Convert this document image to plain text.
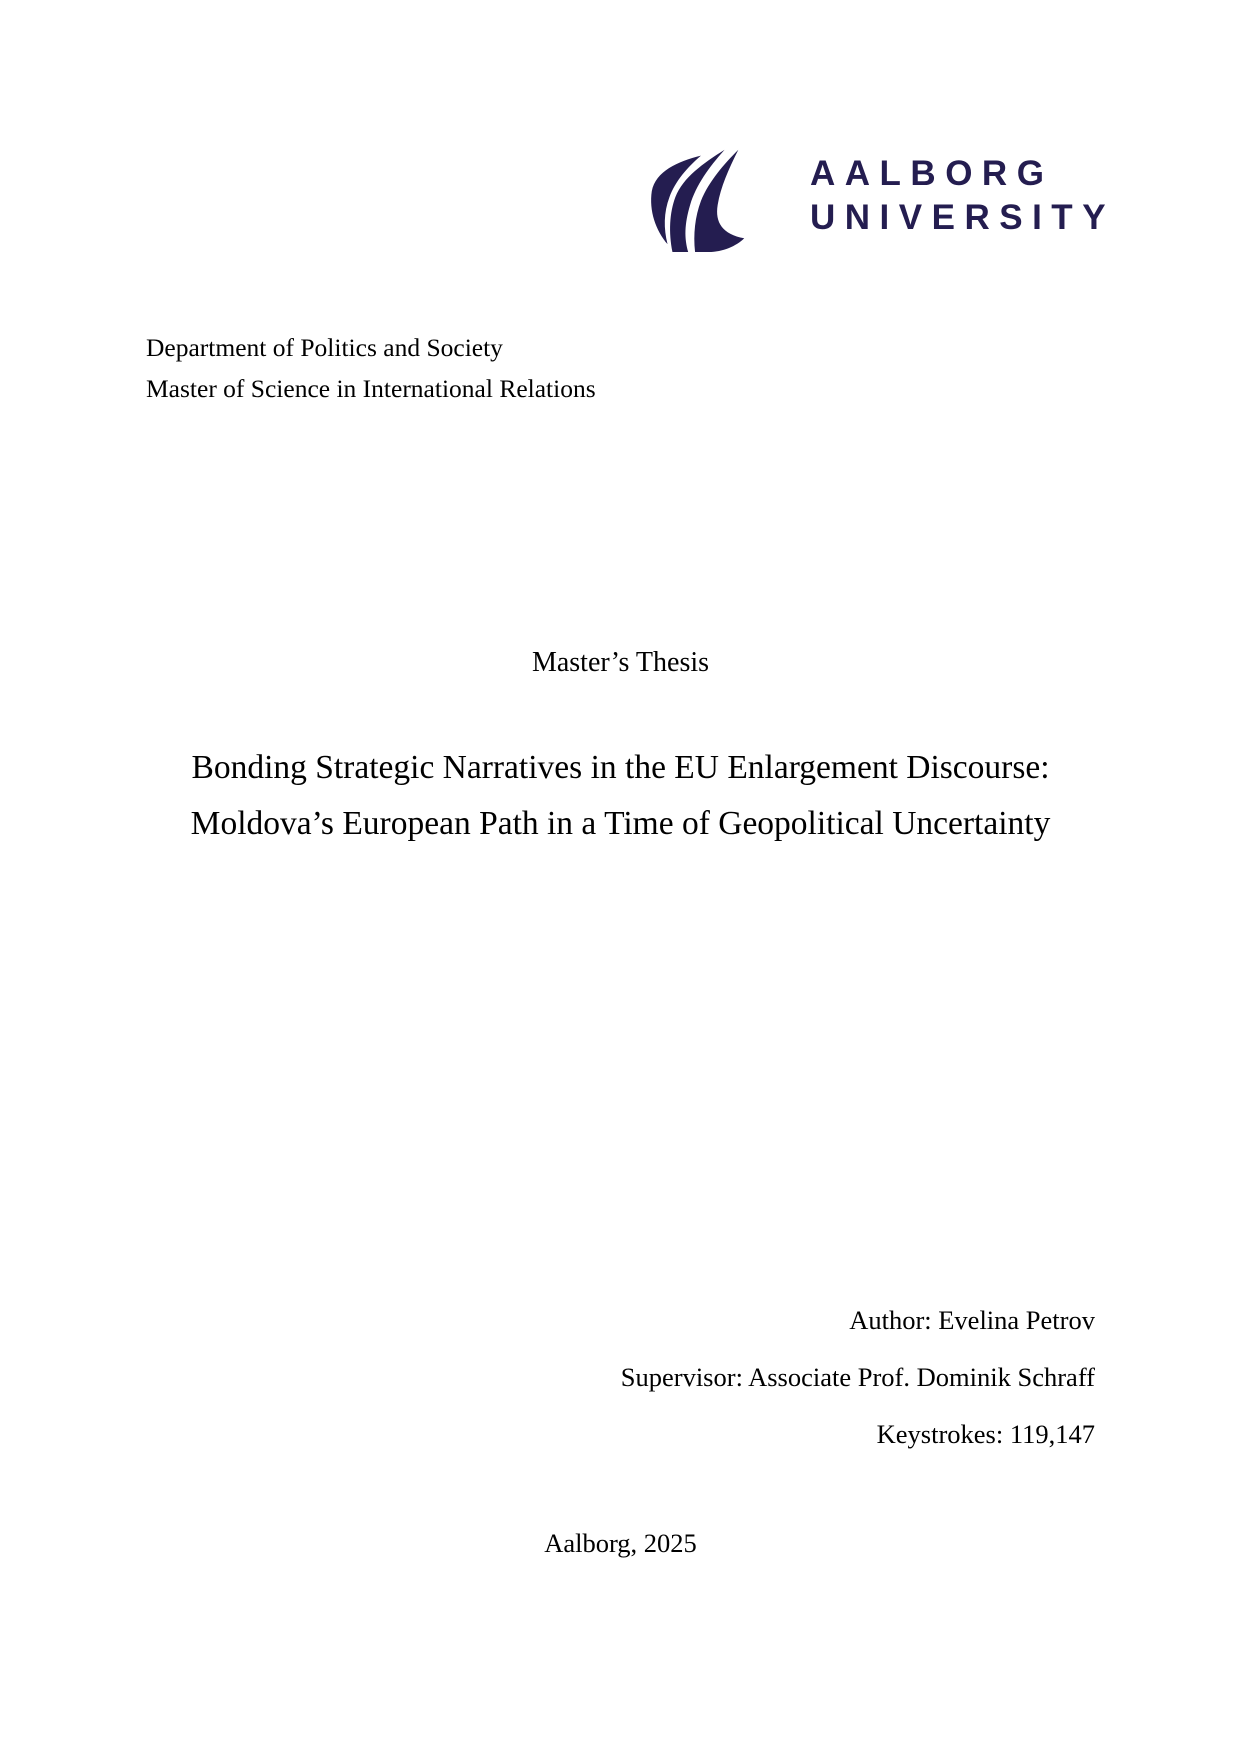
AALBORG
UNIVERSITY
Department of Politics and Society
Master of Science in International Relations
Master’s Thesis
Bonding Strategic Narratives in the EU Enlargement Discourse:
Moldova’s European Path in a Time of Geopolitical Uncertainty
Author: Evelina Petrov
Supervisor: Associate Prof. Dominik Schraff
Keystrokes: 119,147
Aalborg, 2025
